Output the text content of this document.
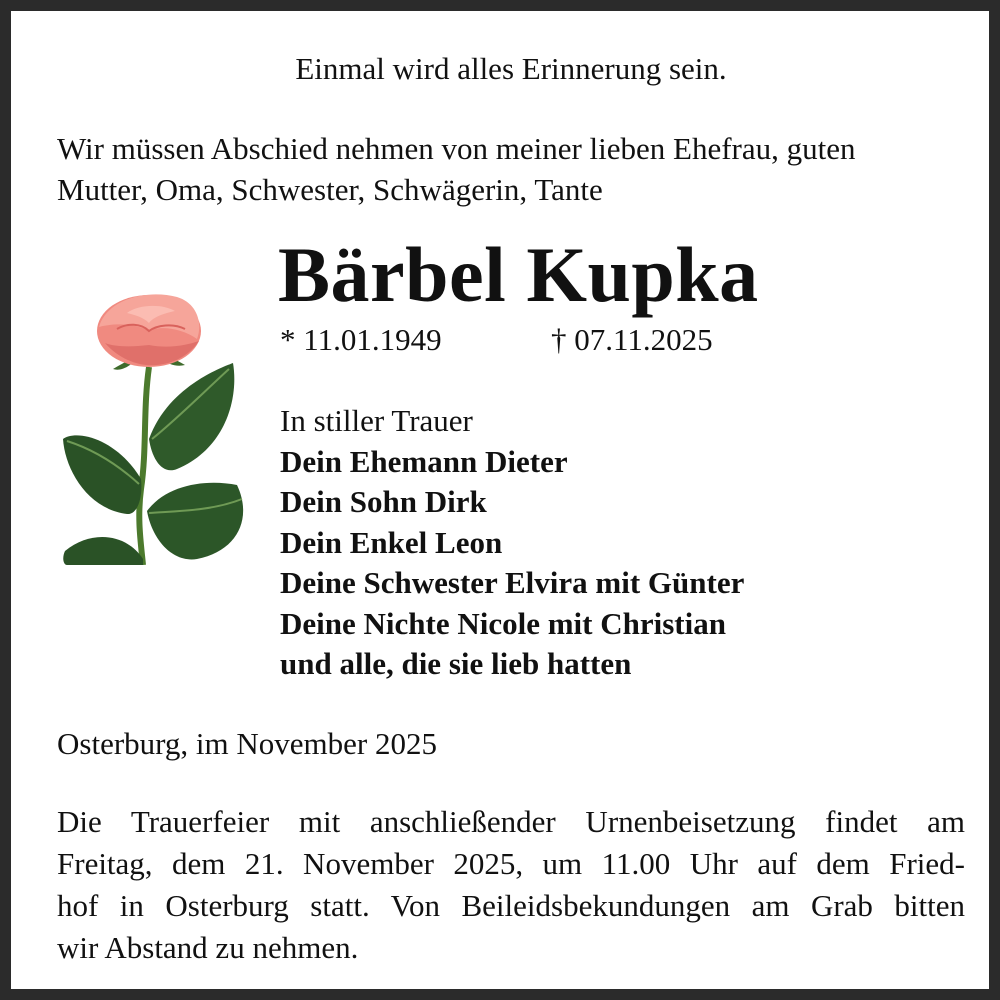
Einmal wird alles Erinnerung sein.
Wir müssen Abschied nehmen von meiner lieben Ehefrau, guten
Mutter, Oma, Schwester, Schwägerin, Tante
Bärbel Kupka
* 11.01.1949	† 07.11.2025
In stiller Trauer
Dein Ehemann Dieter
Dein Sohn Dirk
Dein Enkel Leon
Deine Schwester Elvira mit Günter
Deine Nichte Nicole mit Christian
und alle, die sie lieb hatten
Osterburg, im November 2025
Die Trauerfeier mit anschließender Urnenbeisetzung findet am
Freitag, dem 21. November 2025, um 11.00 Uhr auf dem Fried-
hof in Osterburg statt. Von Beileidsbekundungen am Grab bitten
wir Abstand zu nehmen.
